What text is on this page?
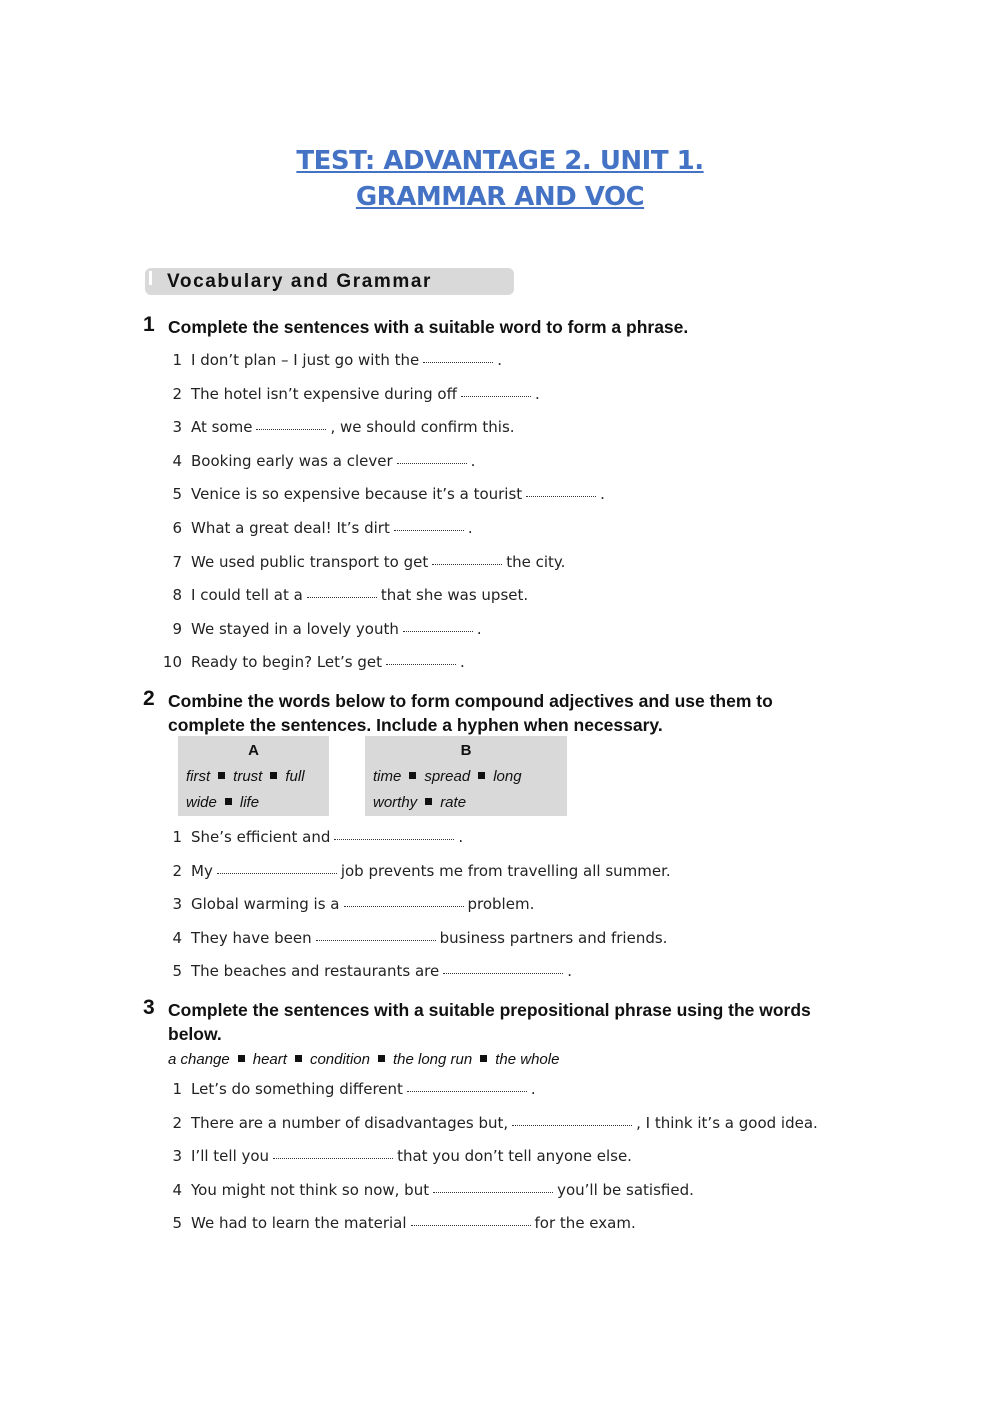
TEST: ADVANTAGE 2. UNIT 1.
GRAMMAR AND VOC
Vocabulary and Grammar
1 Complete the sentences with a suitable word to form a phrase.
1 I don’t plan – I just go with the	.
2 The hotel isn’t expensive during off	.
3 At some	, we should confirm this.
4 Booking early was a clever	.
5 Venice is so expensive because it’s a tourist	.
6 What a great deal! It’s dirt	.
7 We used public transport to get	the city.
8 I could tell at a	that she was upset.
9 We stayed in a lovely youth	.
10 Ready to begin? Let’s get	.
2 Combine the words below to form compound adjectives and use them to complete the sentences. Include a hyphen when necessary.
A
first trust full
wide life
B
time spread long
worthy rate
1 She’s efficient and	.
2 My	job prevents me from travelling all summer.
3 Global warming is a	problem.
4 They have been	business partners and friends.
5 The beaches and restaurants are	.
3 Complete the sentences with a suitable prepositional phrase using the words below.
a change heart condition the long run the whole
1 Let’s do something different	.
2 There are a number of disadvantages but,	, I think it’s a good idea.
3 I’ll tell you	that you don’t tell anyone else.
4 You might not think so now, but	you’ll be satisfied.
5 We had to learn the material	for the exam.
